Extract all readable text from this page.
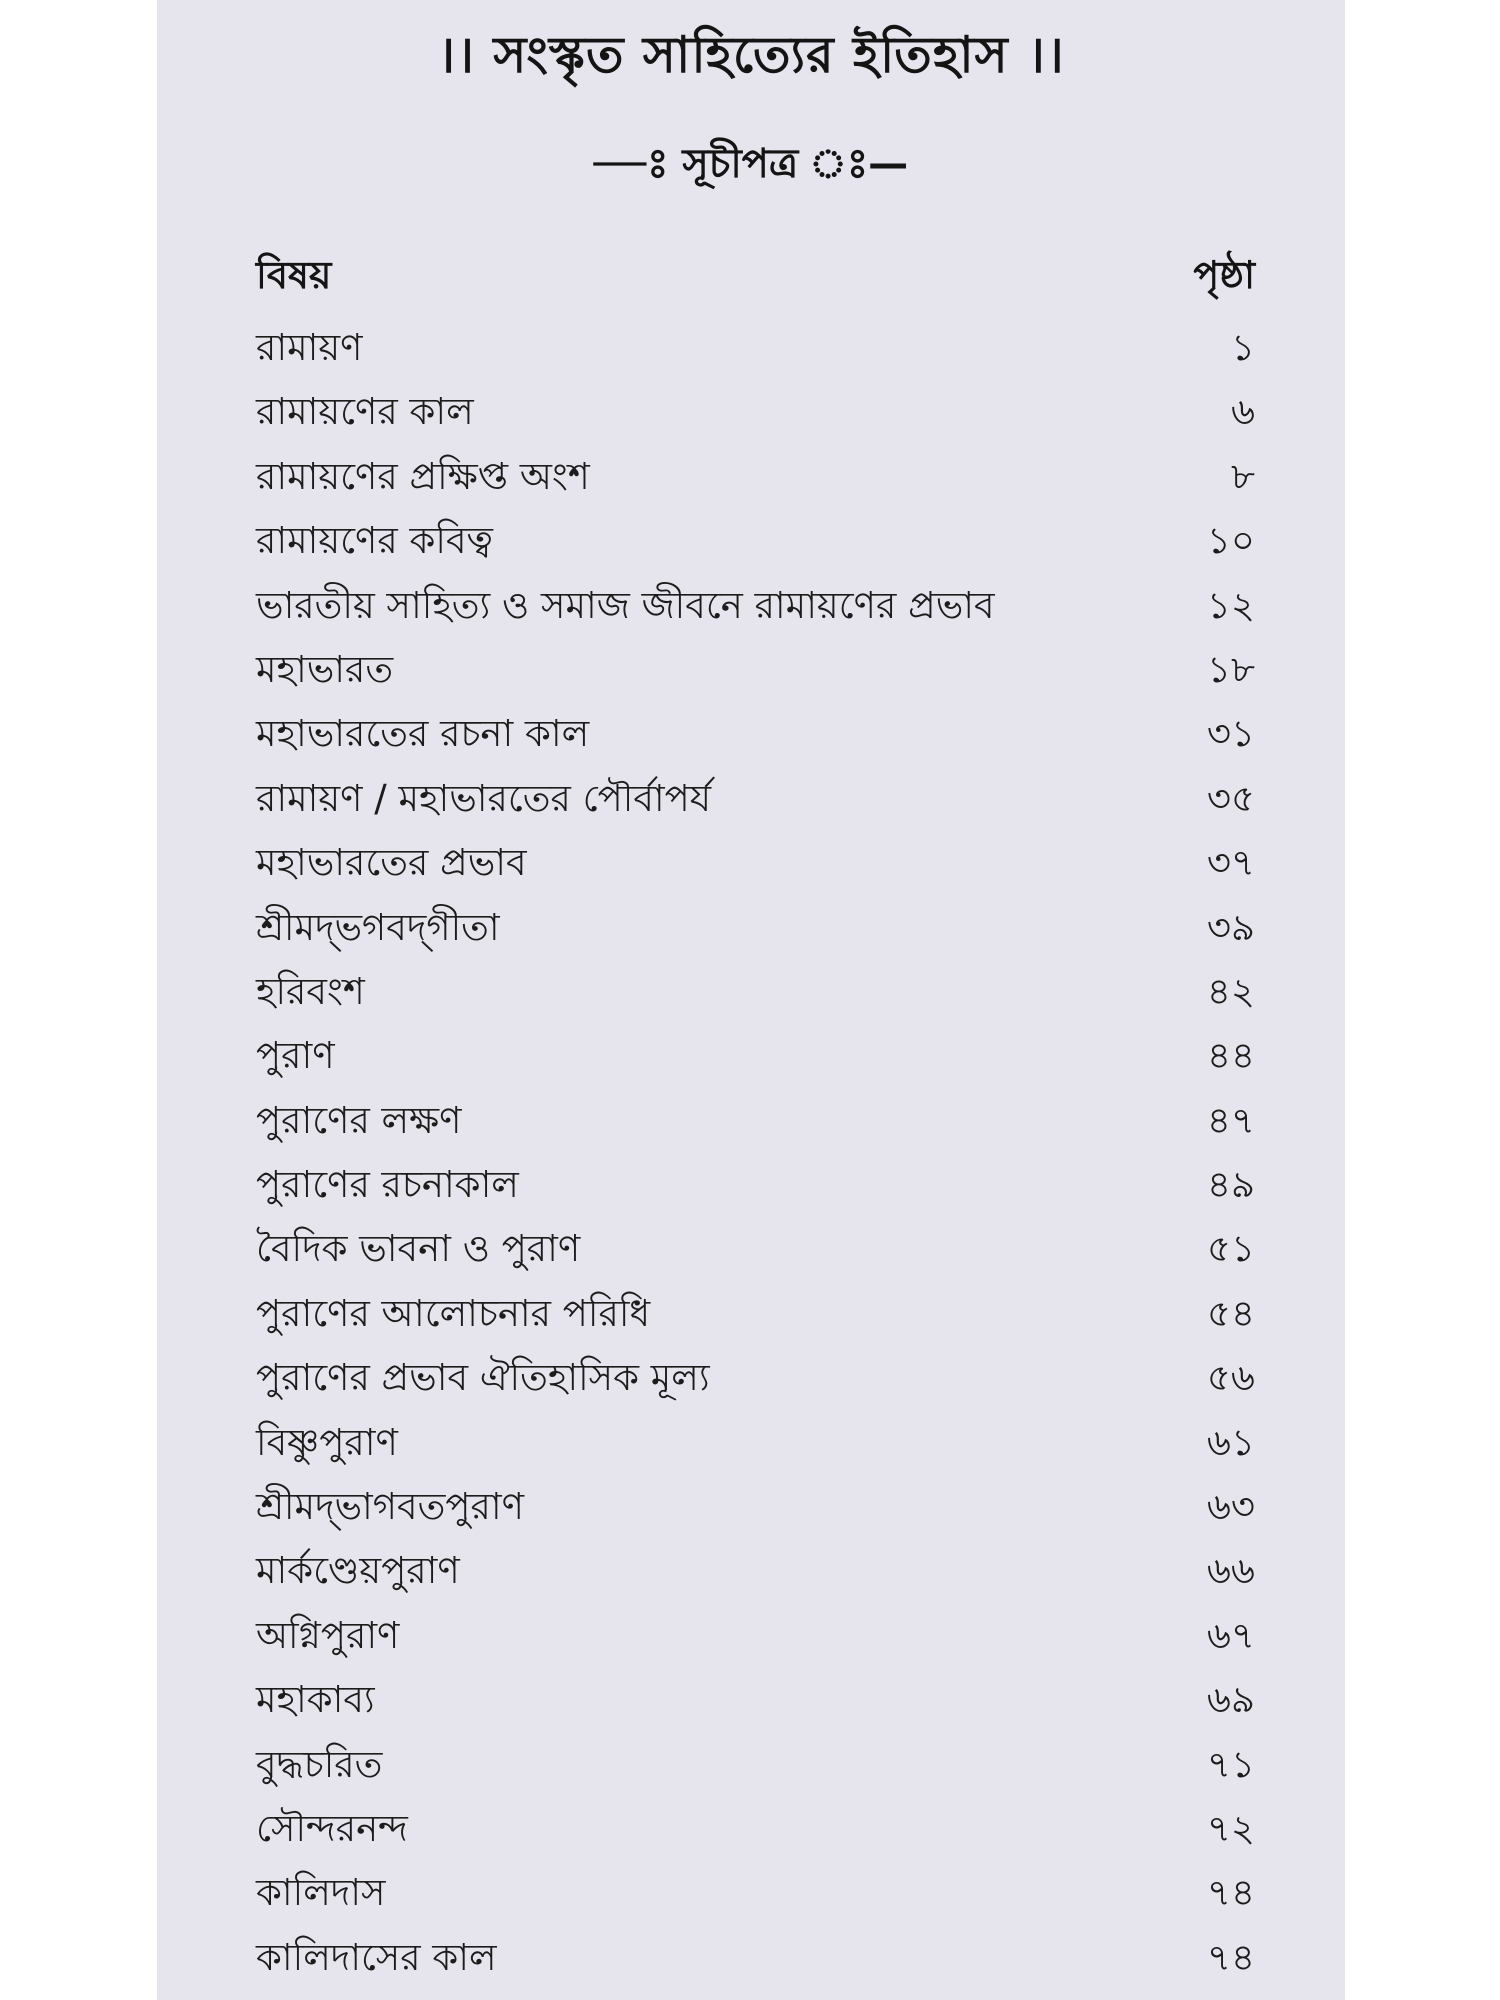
।। সংস্কৃত সাহিত্যের ইতিহাস ।।
—ঃ সূচীপত্র ঃ—
বিষয়	পৃষ্ঠা
রামায়ণ	১
রামায়ণের কাল	৬
রামায়ণের প্রক্ষিপ্ত অংশ	৮
রামায়ণের কবিত্ব	১০
ভারতীয় সাহিত্য ও সমাজ জীবনে রামায়ণের প্রভাব	১২
মহাভারত	১৮
মহাভারতের রচনা কাল	৩১
রামায়ণ / মহাভারতের পৌর্বাপর্য	৩৫
মহাভারতের প্রভাব	৩৭
শ্রীমদ্‌ভগবদ্‌গীতা	৩৯
হরিবংশ	৪২
পুরাণ	৪৪
পুরাণের লক্ষণ	৪৭
পুরাণের রচনাকাল	৪৯
বৈদিক ভাবনা ও পুরাণ	৫১
পুরাণের আলোচনার পরিধি	৫৪
পুরাণের প্রভাব ঐতিহাসিক মূল্য	৫৬
বিষ্ণুপুরাণ	৬১
শ্রীমদ্‌ভাগবতপুরাণ	৬৩
মার্কণ্ডেয়পুরাণ	৬৬
অগ্নিপুরাণ	৬৭
মহাকাব্য	৬৯
বুদ্ধচরিত	৭১
সৌন্দরনন্দ	৭২
কালিদাস	৭৪
কালিদাসের কাল	৭৪
